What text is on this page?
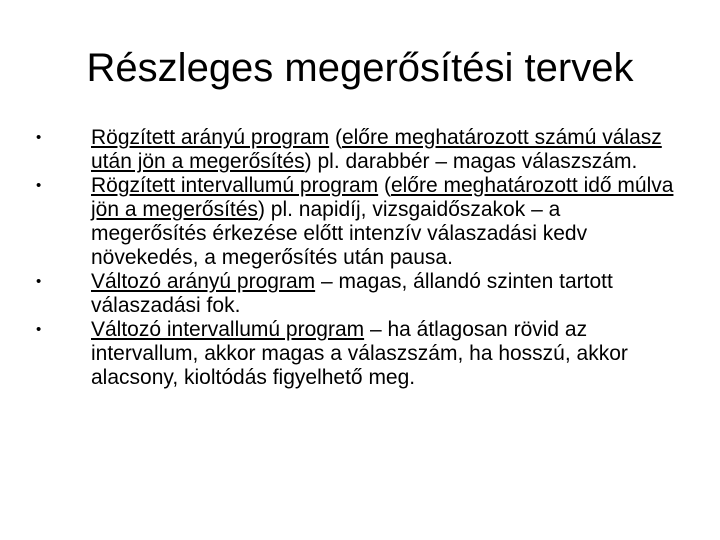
Részleges megerősítési tervek
• Rögzített arányú program (előre meghatározott számú válasz után jön a megerősítés) pl. darabbér – magas válaszszám.
• Rögzített intervallumú program (előre meghatározott idő múlva jön a megerősítés) pl. napidíj, vizsgaidőszakok – a megerősítés érkezése előtt intenzív válaszadási kedv növekedés, a megerősítés után pausa.
• Változó arányú program – magas, állandó szinten tartott válaszadási fok.
• Változó intervallumú program – ha átlagosan rövid az intervallum, akkor magas a válaszszám, ha hosszú, akkor alacsony, kioltódás figyelhető meg.
